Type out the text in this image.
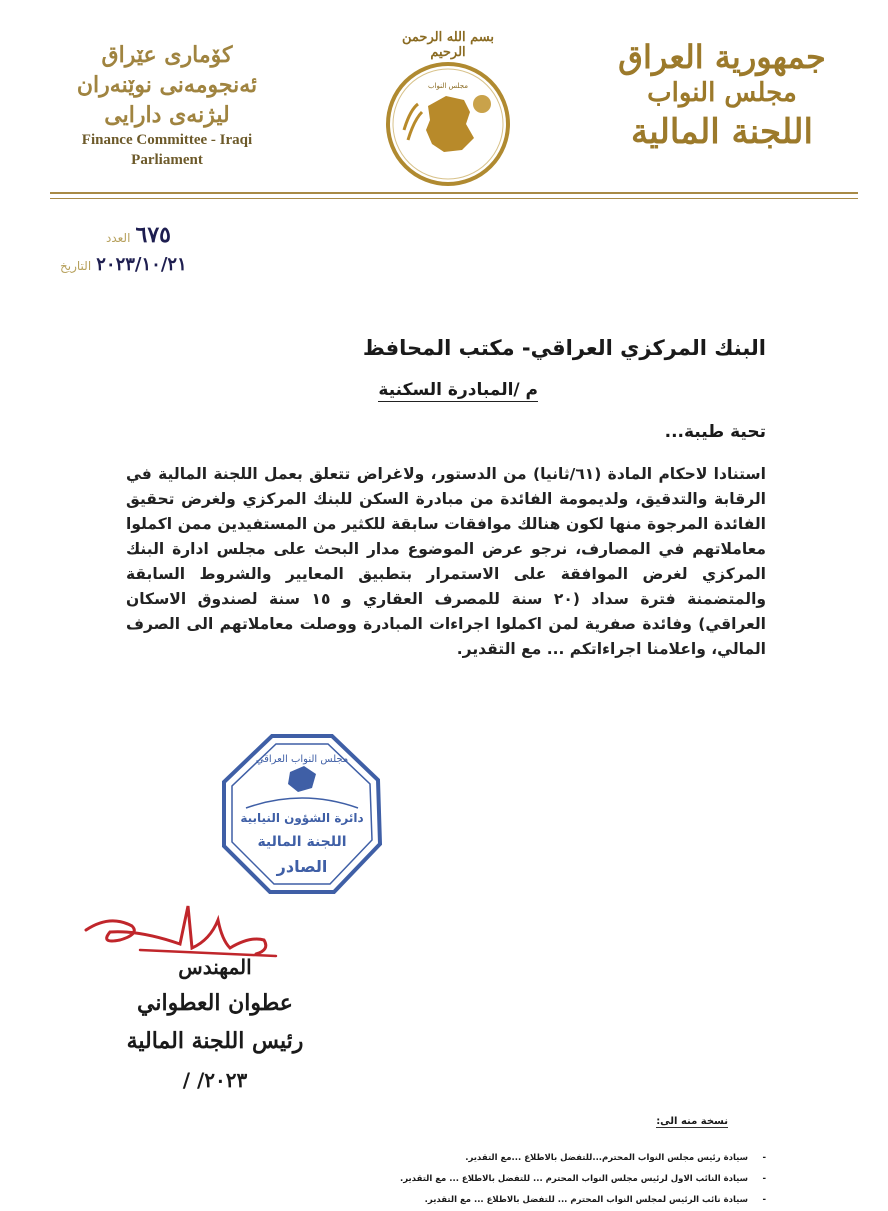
جمهورية العراق
مجلس النواب
اللجنة المالية
بسم الله الرحمن الرحيم
مجلس النواب
كۆماری عێراق
ئەنجومەنی نوێنەران
لیژنەی دارایی
Finance Committee - Iraqi
Parliament
٦٧٥ العدد
٢٠٢٣/١٠/٢١ التاريخ
البنك المركزي العراقي- مكتب المحافظ
م /المبادرة السكنية
تحية طيبة...
استنادا لاحكام المادة (٦١/ثانيا) من الدستور، ولاغراض تتعلق بعمل اللجنة المالية في الرقابة والتدقيق، ولديمومة الفائدة من مبادرة السكن للبنك المركزي ولغرض تحقيق الفائدة المرجوة منها لكون هنالك موافقات سابقة للكثير من المستفيدين ممن اكملوا معاملاتهم في المصارف، نرجو عرض الموضوع مدار البحث على مجلس ادارة البنك المركزي لغرض الموافقة على الاستمرار بتطبيق المعايير والشروط السابقة والمتضمنة فترة سداد (٢٠ سنة للمصرف العقاري و ١٥ سنة لصندوق الاسكان العراقي) وفائدة صفرية لمن اكملوا اجراءات المبادرة ووصلت معاملاتهم الى الصرف المالي، واعلامنا اجراءاتكم ... مع التقدير.
مجلس النواب العراقي
دائرة الشؤون النيابية
اللجنة المالية
الصادر
المهندس
عطوان العطواني
رئيس اللجنة المالية
/ /٢٠٢٣
نسخة منه الى:
-
سيادة رئيس مجلس النواب المحترم...للتفضل بالاطلاع ...مع التقدير.
-
سيادة النائب الاول لرئيس مجلس النواب المحترم ... للتفضل بالاطلاع ... مع التقدير.
-
سيادة نائب الرئيس لمجلس النواب المحترم ... للتفضل بالاطلاع ... مع التقدير.
